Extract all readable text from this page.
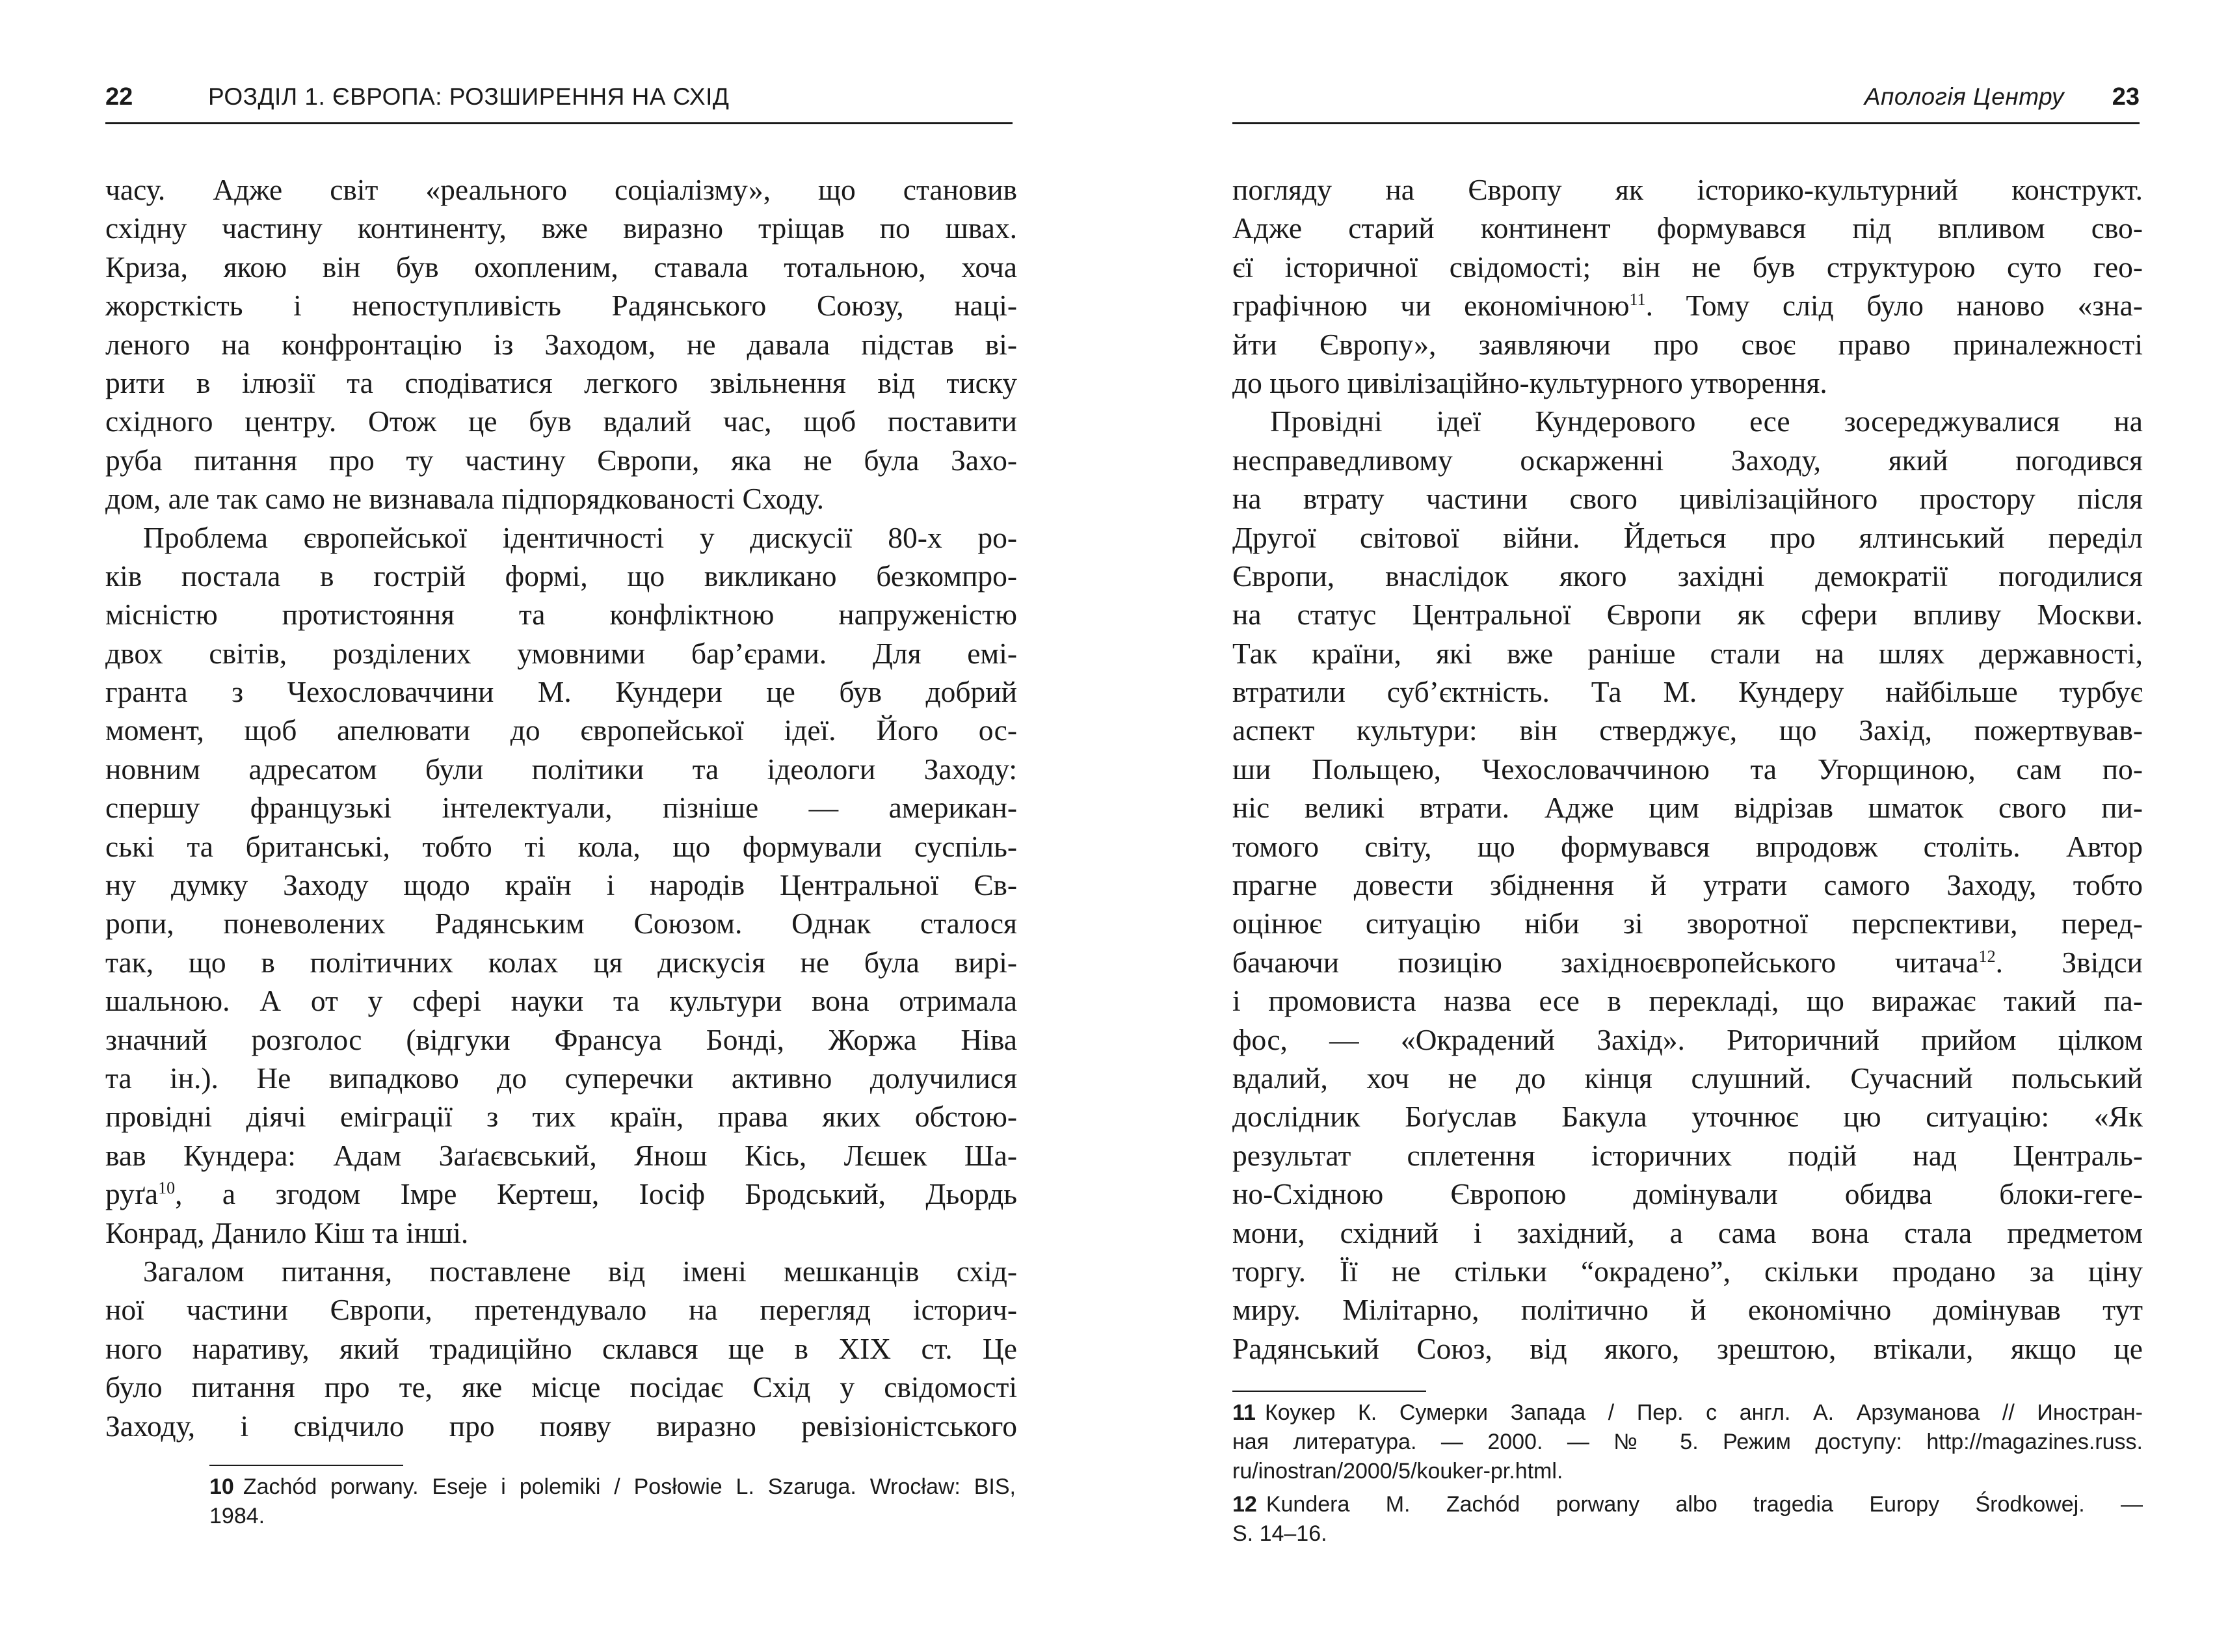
22	РОЗДІЛ 1. ЄВРОПА: РОЗШИРЕННЯ НА СХІД
часу. Адже світ «реального соціалізму», що становив
східну частину континенту, вже виразно тріщав по швах.
Криза, якою він був охопленим, ставала тотальною, хоча
жорсткість і непоступливість Радянського Союзу, наці-
леного на конфронтацію із Заходом, не давала підстав ві-
рити в ілюзії та сподіватися легкого звільнення від тиску
східного центру. Отож це був вдалий час, щоб поставити
руба питання про ту частину Європи, яка не була Захо-
дом, але так само не визнавала підпорядкованості Сходу.
Проблема європейської ідентичності у дискусії 80-х ро-
ків постала в гострій формі, що викликано безкомпро-
місністю протистояння та конфліктною напруженістю
двох світів, розділених умовними бар’єрами. Для емі-
гранта з Чехословаччини М. Кундери це був добрий
момент, щоб апелювати до європейської ідеї. Його ос-
новним адресатом були політики та ідеологи Заходу:
спершу французькі інтелектуали, пізніше — американ-
ські та британські, тобто ті кола, що формували суспіль-
ну думку Заходу щодо країн і народів Центральної Єв-
ропи, поневолених Радянським Союзом. Однак сталося
так, що в політичних колах ця дискусія не була вирі-
шальною. А от у сфері науки та культури вона отримала
значний розголос (відгуки Франсуа Бонді, Жоржа Ніва
та ін.). Не випадково до суперечки активно долучилися
провідні діячі еміграції з тих країн, права яких обстою-
вав Кундера: Адам Заґаєвський, Янош Кісь, Лєшек Ша-
руґа$^{10}$, а згодом Імре Кертеш, Іосіф Бродський, Дьордь
Конрад, Данило Кіш та інші.
Загалом питання, поставлене від імені мешканців схід-
ної частини Європи, претендувало на перегляд історич-
ного наративу, який традиційно склався ще в ХІХ ст. Це
було питання про те, яке місце посідає Схід у свідомості
Заходу, і свідчило про появу виразно ревізіоністського
10 Zachód porwany. Eseje i polemiki / Posłowie L. Szaruga. Wrocław: BIS,
1984.
Апологія Центру 23
погляду на Європу як історико-культурний конструкт.
Адже старий континент формувався під впливом сво-
єї історичної свідомості; він не був структурою суто гео-
графічною чи економічною$^{11}$. Тому слід було наново «зна-
йти Європу», заявляючи про своє право приналежності
до цього цивілізаційно-культурного утворення.
Провідні ідеї Кундерового есе зосереджувалися на
несправедливому оскарженні Заходу, який погодився
на втрату частини свого цивілізаційного простору після
Другої світової війни. Йдеться про ялтинський переділ
Європи, внаслідок якого західні демократії погодилися
на статус Центральної Європи як сфери впливу Москви.
Так країни, які вже раніше стали на шлях державності,
втратили суб’єктність. Та М. Кундеру найбільше турбує
аспект культури: він стверджує, що Захід, пожертвував-
ши Польщею, Чехословаччиною та Угорщиною, сам по-
ніс великі втрати. Адже цим відрізав шматок свого пи-
томого світу, що формувався впродовж століть. Автор
прагне довести збіднення й утрати самого Заходу, тобто
оцінює ситуацію ніби зі зворотної перспективи, перед-
бачаючи позицію західноєвропейського читача$^{12}$. Звідси
і промовиста назва есе в перекладі, що виражає такий па-
фос, — «Окрадений Захід». Риторичний прийом цілком
вдалий, хоч не до кінця слушний. Сучасний польський
дослідник Боґуслав Бакула уточнює цю ситуацію: «Як
результат сплетення історичних подій над Централь-
но-Східною Європою домінували обидва блоки-геге-
мони, східний і західний, а сама вона стала предметом
торгу. Її не стільки “окрадено”, скільки продано за ціну
миру. Мілітарно, політично й економічно домінував тут
Радянський Союз, від якого, зрештою, втікали, якщо це
11 Коукер К. Сумерки Запада / Пер. с англ. А. Арзуманова // Иностран-
ная литература. — 2000. — № 5. Режим доступу: http://magazines.russ.
ru/inostran/2000/5/kouker-pr.html.
12 Kundera M. Zachód porwany albo tragedia Europy Środkowej. —
S. 14–16.
